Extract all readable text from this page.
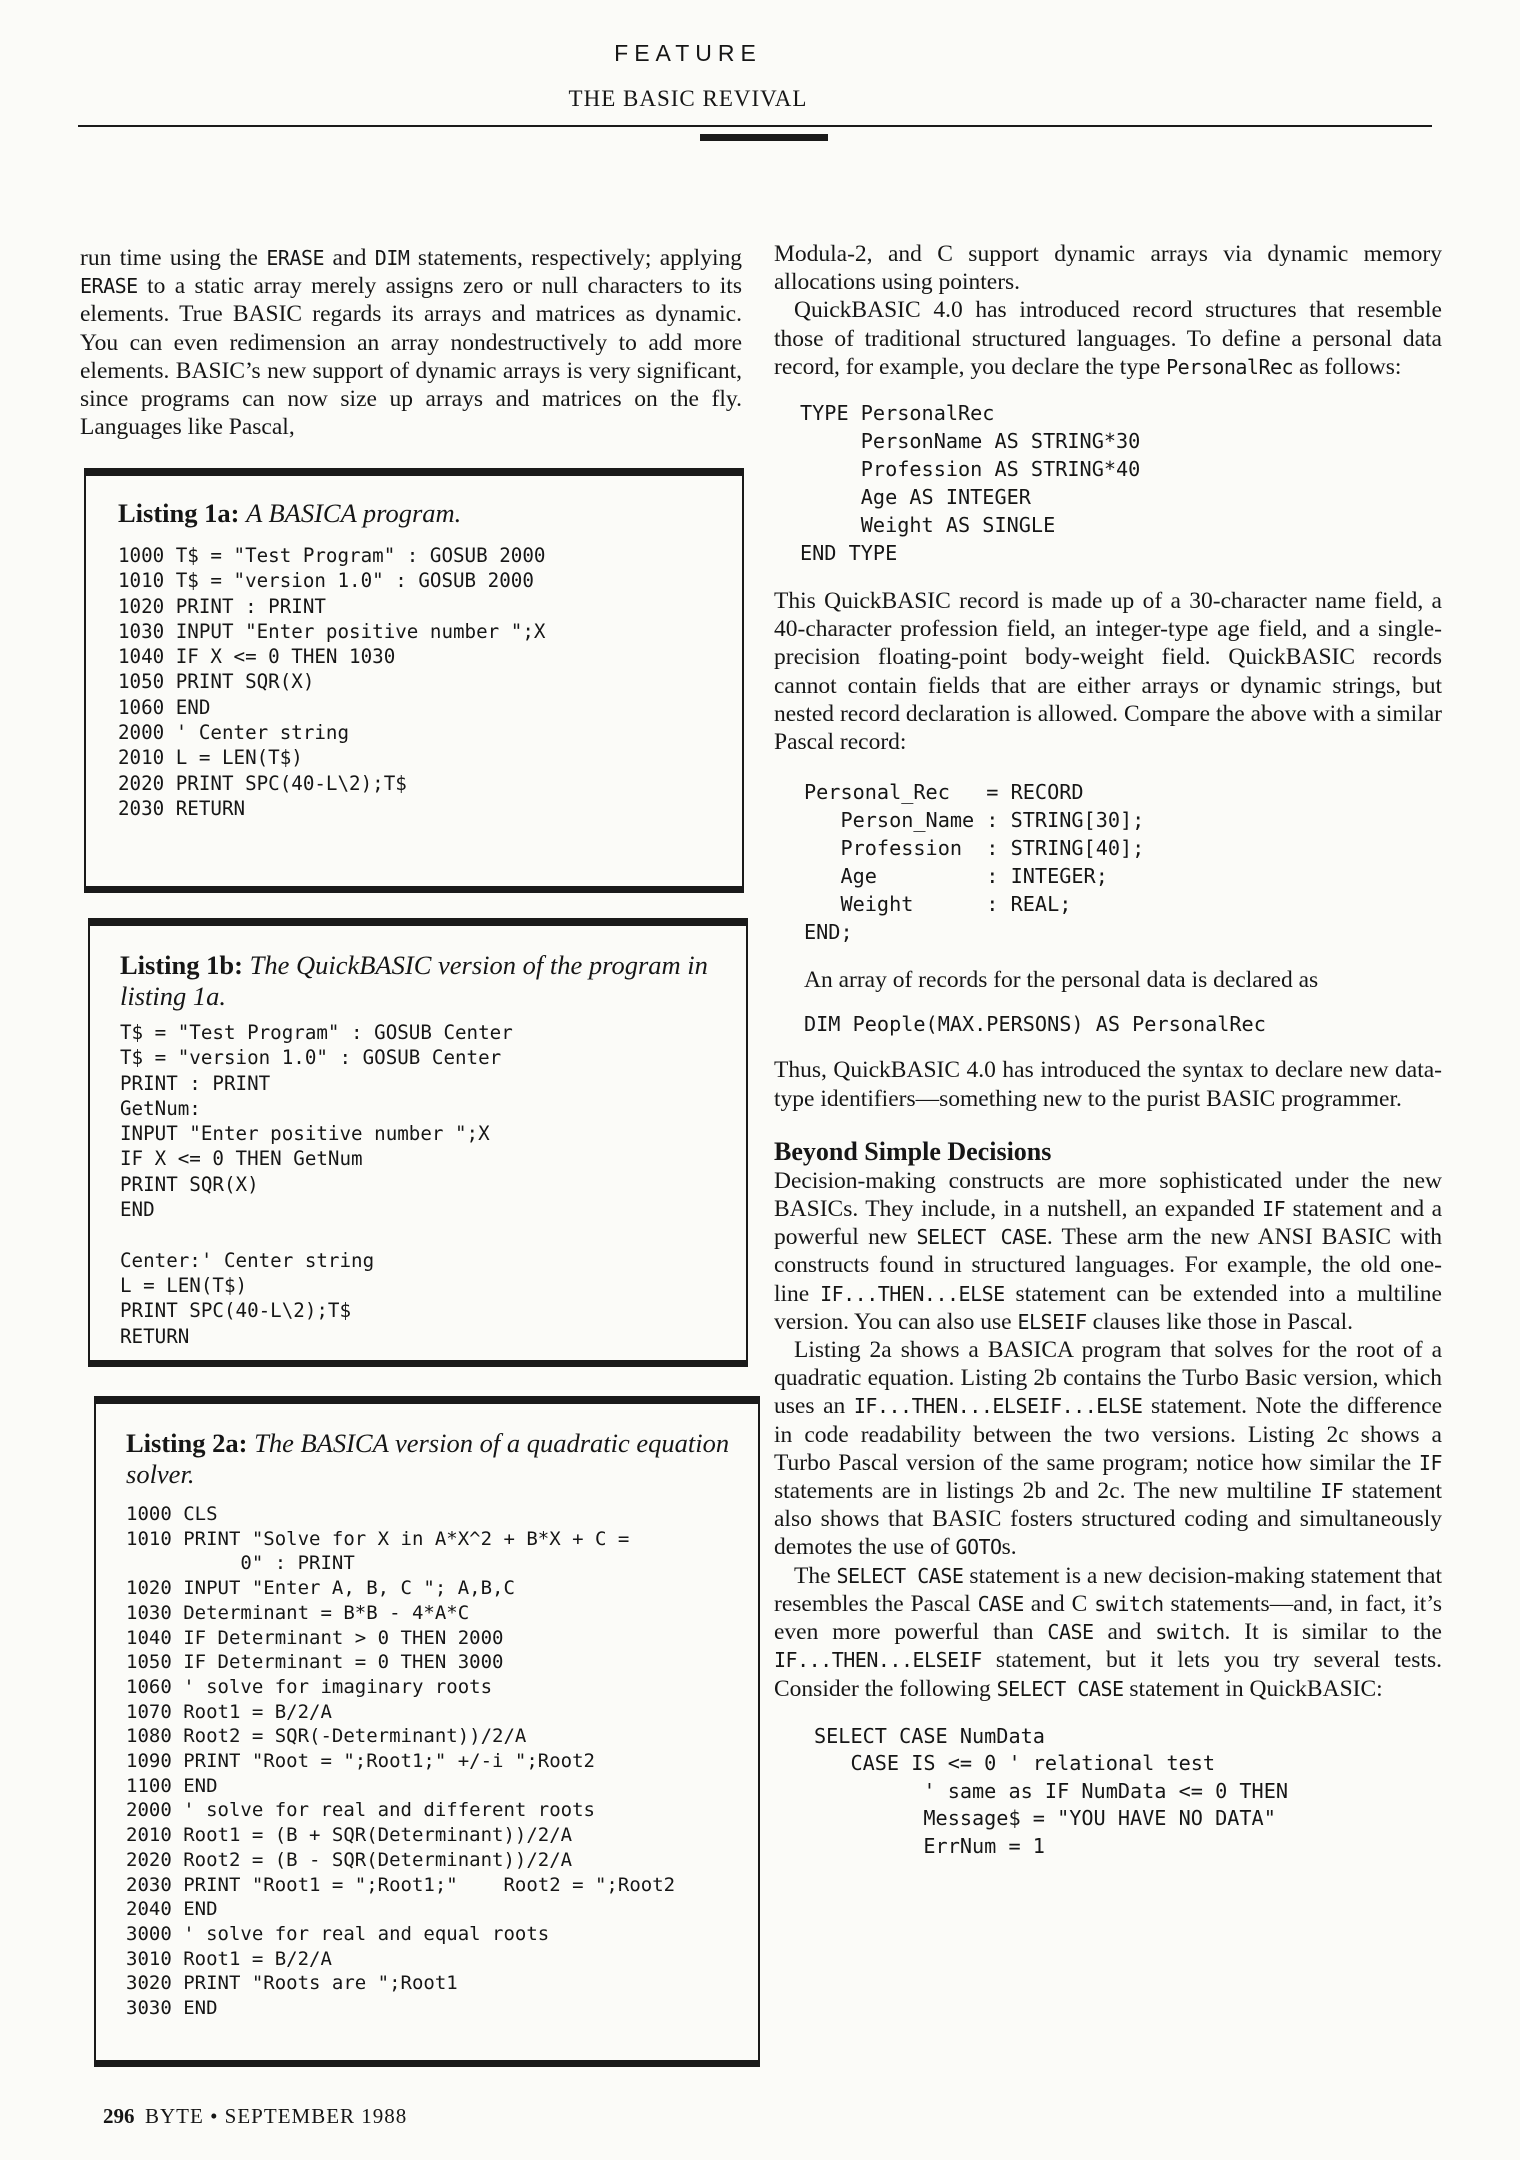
FEATURE
THE BASIC REVIVAL

run time using the ERASE and DIM statements, respectively; applying ERASE to a static array merely assigns zero or null characters to its elements. True BASIC regards its arrays and matrices as dynamic. You can even redimension an array nondestructively to add more elements. BASIC’s new support of dynamic arrays is very significant, since programs can now size up arrays and matrices on the fly. Languages like Pascal,

Listing 1a: A BASICA program.
1000 T$ = "Test Program" : GOSUB 2000
1010 T$ = "version 1.0" : GOSUB 2000
1020 PRINT : PRINT
1030 INPUT "Enter positive number ";X
1040 IF X <= 0 THEN 1030
1050 PRINT SQR(X)
1060 END
2000 ' Center string
2010 L = LEN(T$)
2020 PRINT SPC(40-L\2);T$
2030 RETURN
Listing 1b: The QuickBASIC version of the program in listing 1a.
T$ = "Test Program" : GOSUB Center
T$ = "version 1.0" : GOSUB Center
PRINT : PRINT
GetNum:
INPUT "Enter positive number ";X
IF X <= 0 THEN GetNum
PRINT SQR(X)
END

Center:' Center string
L = LEN(T$)
PRINT SPC(40-L\2);T$
RETURN
Listing 2a: The BASICA version of a quadratic equation solver.
1000 CLS
1010 PRINT "Solve for X in A*X^2 + B*X + C =
0" : PRINT
1020 INPUT "Enter A, B, C "; A,B,C
1030 Determinant = B*B - 4*A*C
1040 IF Determinant > 0 THEN 2000
1050 IF Determinant = 0 THEN 3000
1060 ' solve for imaginary roots
1070 Root1 = B/2/A
1080 Root2 = SQR(-Determinant))/2/A
1090 PRINT "Root = ";Root1;" +/-i ";Root2
1100 END
2000 ' solve for real and different roots
2010 Root1 = (B + SQR(Determinant))/2/A
2020 Root2 = (B - SQR(Determinant))/2/A
2030 PRINT "Root1 = ";Root1;"    Root2 = ";Root2
2040 END
3000 ' solve for real and equal roots
3010 Root1 = B/2/A
3020 PRINT "Roots are ";Root1
3030 END

Modula-2, and C support dynamic arrays via dynamic memory allocations using pointers.

QuickBASIC 4.0 has introduced record structures that resemble those of traditional structured languages. To define a personal data record, for example, you declare the type PersonalRec as follows:

TYPE PersonalRec
PersonName AS STRING*30
Profession AS STRING*40
Age AS INTEGER
Weight AS SINGLE
END TYPE

This QuickBASIC record is made up of a 30-character name field, a 40-character profession field, an integer-type age field, and a single-precision floating-point body-weight field. QuickBASIC records cannot contain fields that are either arrays or dynamic strings, but nested record declaration is allowed. Compare the above with a similar Pascal record:

Personal_Rec   = RECORD
Person_Name : STRING[30];
Profession  : STRING[40];
Age         : INTEGER;
Weight      : REAL;
END;

An array of records for the personal data is declared as

DIM People(MAX.PERSONS) AS PersonalRec

Thus, QuickBASIC 4.0 has introduced the syntax to declare new data-type identifiers—something new to the purist BASIC programmer.

Beyond Simple Decisions

Decision-making constructs are more sophisticated under the new BASICs. They include, in a nutshell, an expanded IF statement and a powerful new SELECT CASE. These arm the new ANSI BASIC with constructs found in structured languages. For example, the old one-line IF...THEN...ELSE statement can be extended into a multiline version. You can also use ELSEIF clauses like those in Pascal.

Listing 2a shows a BASICA program that solves for the root of a quadratic equation. Listing 2b contains the Turbo Basic version, which uses an IF...THEN...ELSEIF...ELSE statement. Note the difference in code readability between the two versions. Listing 2c shows a Turbo Pascal version of the same program; notice how similar the IF statements are in listings 2b and 2c. The new multiline IF statement also shows that BASIC fosters structured coding and simultaneously demotes the use of GOTOs.

The SELECT CASE statement is a new decision-making statement that resembles the Pascal CASE and C switch statements—and, in fact, it’s even more powerful than CASE and switch. It is similar to the IF...THEN...ELSEIF statement, but it lets you try several tests. Consider the following SELECT CASE statement in QuickBASIC:

SELECT CASE NumData
CASE IS <= 0 ' relational test
' same as IF NumData <= 0 THEN
Message$ = "YOU HAVE NO DATA"
ErrNum = 1
296 BYTE • SEPTEMBER 1988
